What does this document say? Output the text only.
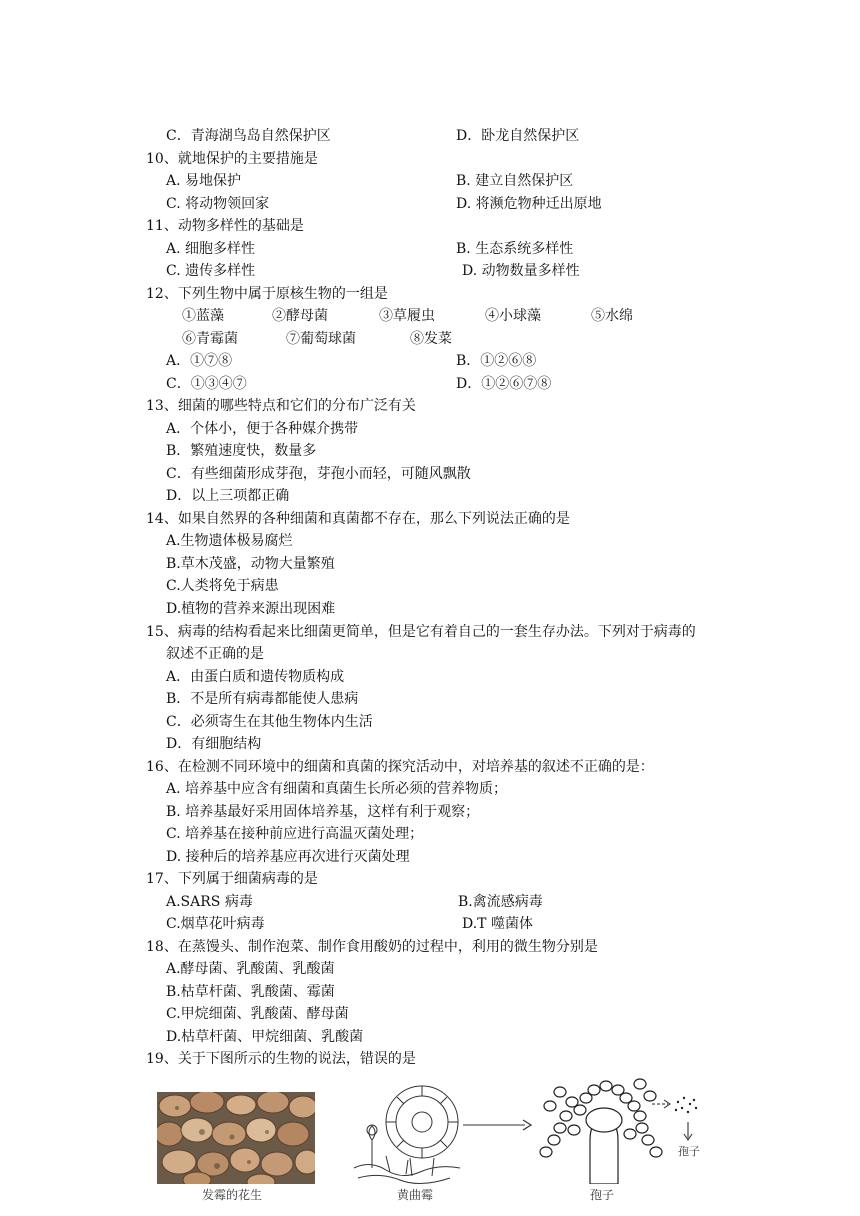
C．青海湖鸟岛自然保护区	D．卧龙自然保护区
10、就地保护的主要措施是
A. 易地保护	B. 建立自然保护区
C. 将动物领回家	D. 将濒危物种迁出原地
11、动物多样性的基础是
A. 细胞多样性	B. 生态系统多样性
C. 遗传多样性	D. 动物数量多样性
12、下列生物中属于原核生物的一组是
①蓝藻	②酵母菌	③草履虫	④小球藻	⑤水绵
⑥青霉菌	⑦葡萄球菌	⑧发菜
A．①⑦⑧	B．①②⑥⑧
C．①③④⑦	D．①②⑥⑦⑧
13、细菌的哪些特点和它们的分布广泛有关
A．个体小，便于各种媒介携带
B．繁殖速度快，数量多
C．有些细菌形成芽孢，芽孢小而轻，可随风飘散
D．以上三项都正确
14、如果自然界的各种细菌和真菌都不存在，那么下列说法正确的是
A.生物遗体极易腐烂
B.草木茂盛，动物大量繁殖
C.人类将免于病患
D.植物的营养来源出现困难
15、病毒的结构看起来比细菌更简单，但是它有着自己的一套生存办法。下列对于病毒的
叙述不正确的是
A．由蛋白质和遗传物质构成
B．不是所有病毒都能使人患病
C．必须寄生在其他生物体内生活
D．有细胞结构
16、在检测不同环境中的细菌和真菌的探究活动中，对培养基的叙述不正确的是：
A. 培养基中应含有细菌和真菌生长所必须的营养物质；
B. 培养基最好采用固体培养基，这样有利于观察；
C. 培养基在接种前应进行高温灭菌处理；
D. 接种后的培养基应再次进行灭菌处理
17、下列属于细菌病毒的是
A.SARS 病毒	B.禽流感病毒
C.烟草花叶病毒	D.T 噬菌体
18、在蒸馒头、制作泡菜、制作食用酸奶的过程中，利用的微生物分别是
A.酵母菌、乳酸菌、乳酸菌
B.枯草杆菌、乳酸菌、霉菌
C.甲烷细菌、乳酸菌、酵母菌
D.枯草杆菌、甲烷细菌、乳酸菌
19、关于下图所示的生物的说法，错误的是
发霉的花生	黄曲霉
孢子
孢子
